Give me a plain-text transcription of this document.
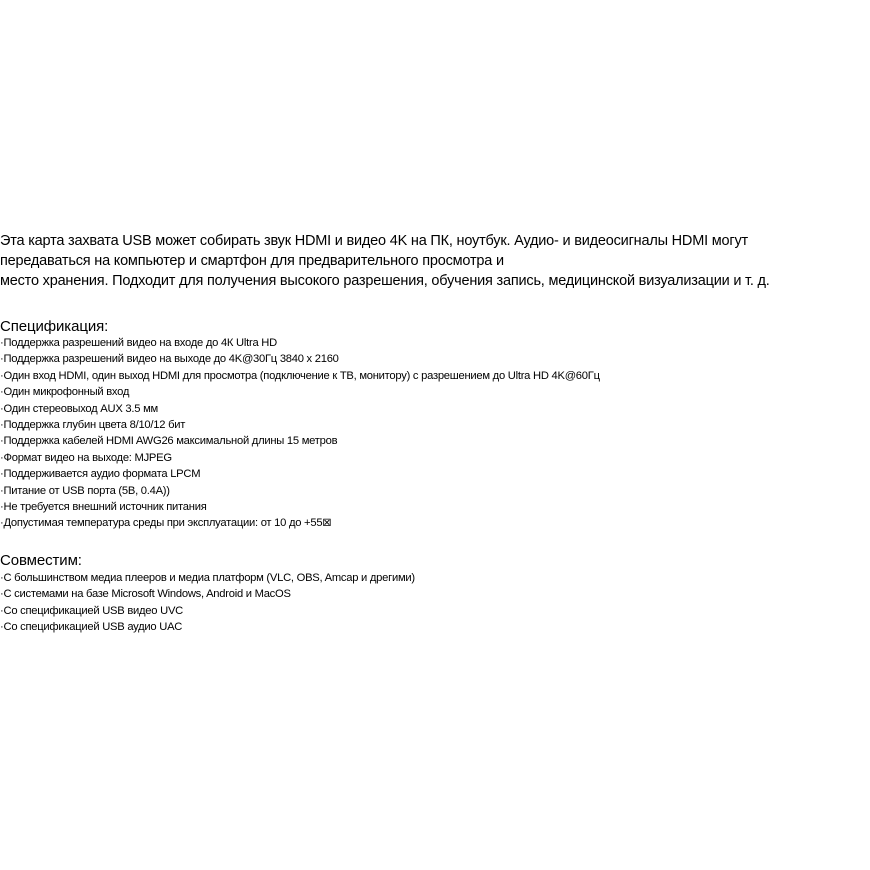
Эта карта захвата USB может собирать звук HDMI и видео 4K на ПК, ноутбук. Аудио- и видеосигналы HDMI могут

передаваться на компьютер и смартфон для предварительного просмотра и

место хранения. Подходит для получения высокого разрешения, обучения запись, медицинской визуализации и т. д.

Спецификация:
· Поддержка разрешений видео на входе до 4К Ultra HD
· Поддержка разрешений видео на выходе до 4K@30Гц 3840 x 2160
· Один вход HDMI, один выход HDMI для просмотра (подключение к ТВ, монитору) с разрешением до Ultra HD 4K@60Гц
· Один микрофонный вход
· Один стереовыход AUX 3.5 мм
· Поддержка глубин цвета 8/10/12 бит
· Поддержка кабелей HDMI AWG26 максимальной длины 15 метров
· Формат видео на выходе: MJPEG
· Поддерживается аудио формата LPCM
· Питание от USB порта (5В, 0.4А))
· Не требуется внешний источник питания
· Допустимая температура среды при эксплуатации: от 10 до +55⊠
Совместим:
· С большинством медиа плееров и медиа платформ (VLC, OBS, Amcap и дрегими)
· С системами на базе Microsoft Windows, Android и MacOS
· Со спецификацией USB видео UVC
· Со спецификацией USB аудио UAC
